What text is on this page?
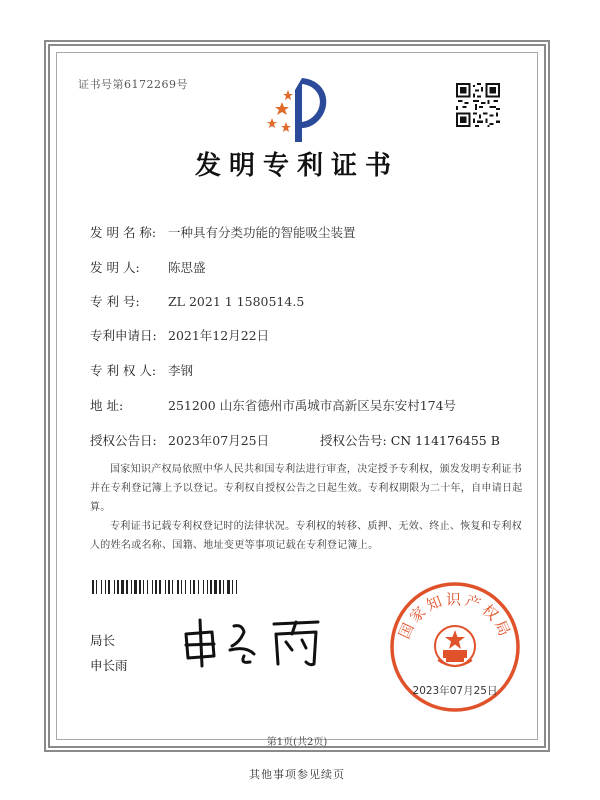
证书号第6172269号
发明专利证书
发 明 名 称: 一种具有分类功能的智能吸尘装置
发 明 人: 陈思盛
专 利 号: ZL 2021 1 1580514.5
专利申请日: 2021年12月22日
专 利 权 人: 李钢
地 址:	251200 山东省德州市禹城市高新区吴东安村174号
授权公告日: 2023年07月25日	授权公告号: CN 114176455 B
国家知识产权局依照中华人民共和国专利法进行审查，决定授予专利权，颁发发明专利证书并在专利登记簿上予以登记。专利权自授权公告之日起生效。专利权期限为二十年，自申请日起算。
专利证书记载专利权登记时的法律状况。专利权的转移、质押、无效、终止、恢复和专利权人的姓名或名称、国籍、地址变更等事项记载在专利登记簿上。
局长
申长雨
国家知识产权局
2023年07月25日
第1页(共2页)
其他事项参见续页
